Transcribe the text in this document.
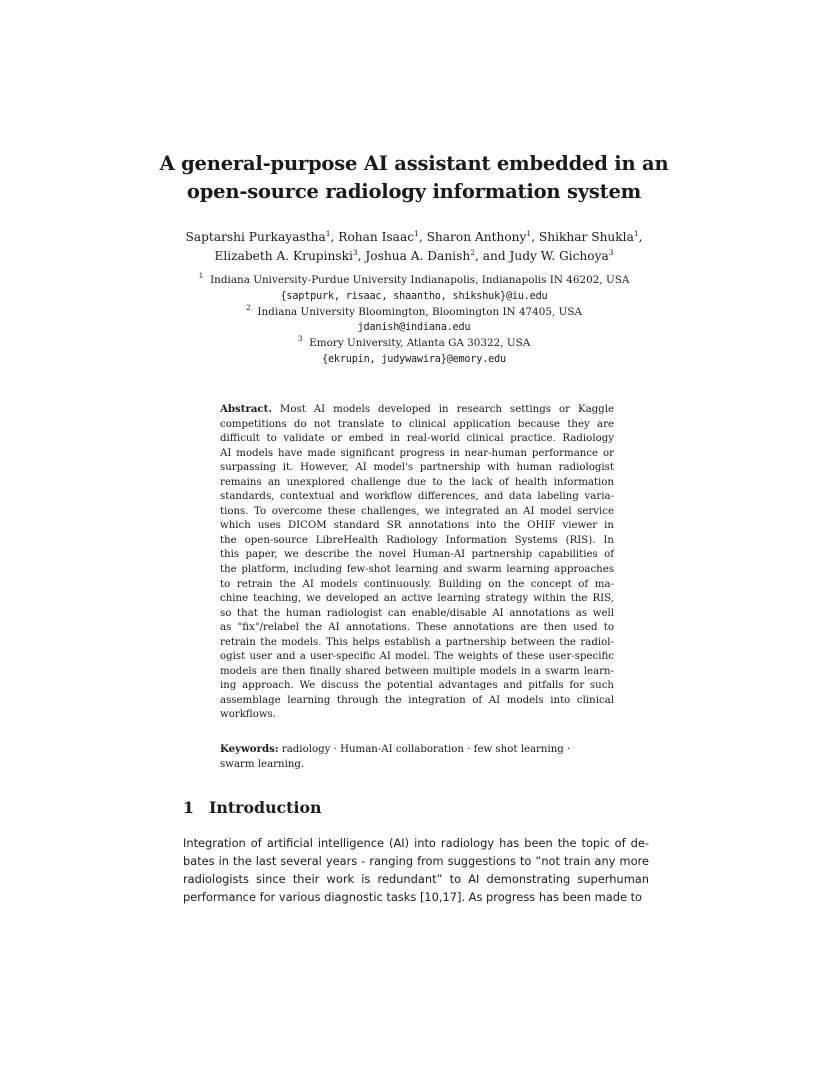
A general-purpose AI assistant embedded in an
open-source radiology information system
Saptarshi Purkayastha$^1$, Rohan Isaac$^1$, Sharon Anthony$^1$, Shikhar Shukla$^1$,
Elizabeth A. Krupinski$^3$, Joshua A. Danish$^2$, and Judy W. Gichoya$^3$
$^1$ Indiana University-Purdue University Indianapolis, Indianapolis IN 46202, USA
{saptpurk, risaac, shaantho, shikshuk}@iu.edu
$^2$ Indiana University Bloomington, Bloomington IN 47405, USA
jdanish@indiana.edu
$^3$ Emory University, Atlanta GA 30322, USA
{ekrupin, judywawira}@emory.edu
Abstract. Most AI models developed in research settings or Kaggle
competitions do not translate to clinical application because they are
difficult to validate or embed in real-world clinical practice. Radiology
AI models have made significant progress in near-human performance or
surpassing it. However, AI model's partnership with human radiologist
remains an unexplored challenge due to the lack of health information
standards, contextual and workflow differences, and data labeling varia-
tions. To overcome these challenges, we integrated an AI model service
which uses DICOM standard SR annotations into the OHIF viewer in
the open-source LibreHealth Radiology Information Systems (RIS). In
this paper, we describe the novel Human-AI partnership capabilities of
the platform, including few-shot learning and swarm learning approaches
to retrain the AI models continuously. Building on the concept of ma-
chine teaching, we developed an active learning strategy within the RIS,
so that the human radiologist can enable/disable AI annotations as well
as "fix"/relabel the AI annotations. These annotations are then used to
retrain the models. This helps establish a partnership between the radiol-
ogist user and a user-specific AI model. The weights of these user-specific
models are then finally shared between multiple models in a swarm learn-
ing approach. We discuss the potential advantages and pitfalls for such
assemblage learning through the integration of AI models into clinical
workflows.
Keywords: radiology · Human-AI collaboration · few shot learning ·
swarm learning.
1 Introduction
Integration of artificial intelligence (AI) into radiology has been the topic of de-
bates in the last several years - ranging from suggestions to ”not train any more
radiologists since their work is redundant” to AI demonstrating superhuman
performance for various diagnostic tasks [10,17]. As progress has been made to
